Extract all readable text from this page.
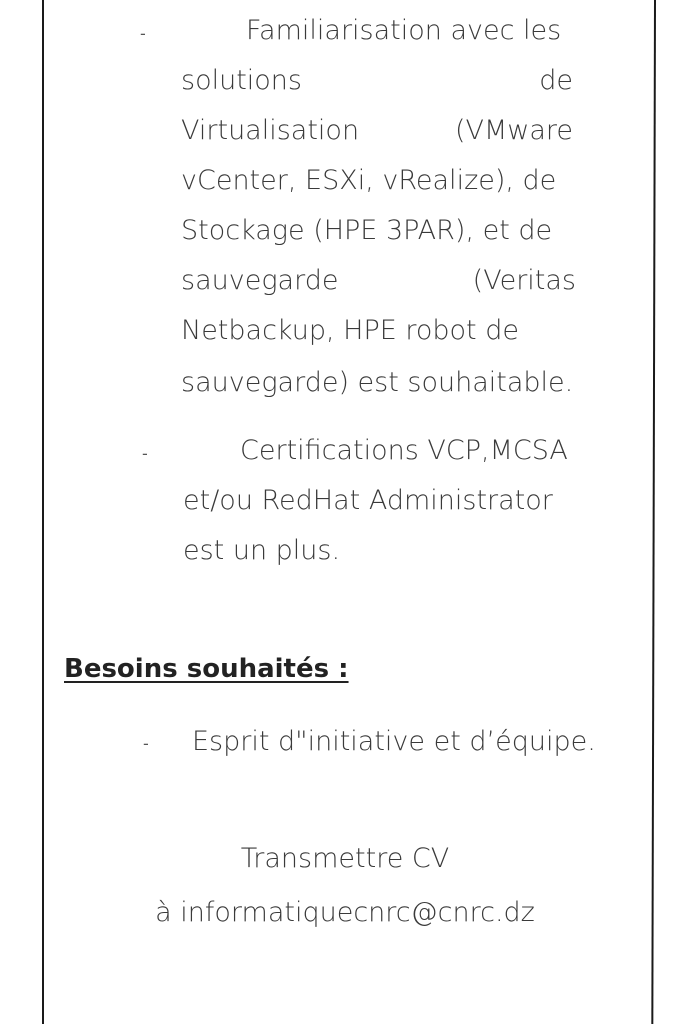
-	Familiarisation avec les
solutions	de
Virtualisation	(VMware
vCenter, ESXi, vRealize), de
Stockage (HPE 3PAR), et de
sauvegarde	(Veritas
Netbackup, HPE robot de
sauvegarde) est souhaitable.
-	Certifications VCP,MCSA
et/ou RedHat Administrator
est un plus.
Besoins souhaités :
- Esprit d"initiative et d’équipe.
Transmettre CV
à informatiquecnrc@cnrc.dz
